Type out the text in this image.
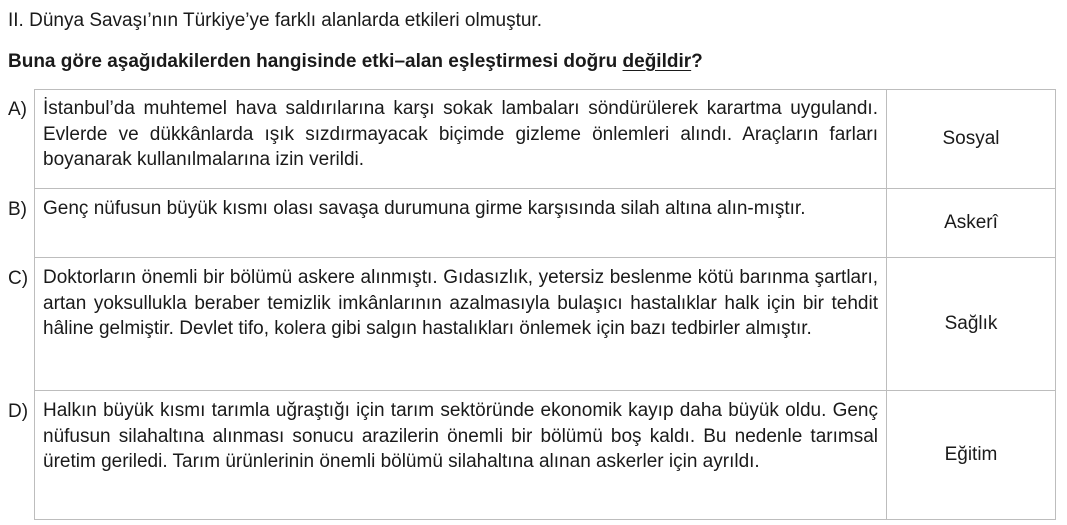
II. Dünya Savaşı’nın Türkiye’ye farklı alanlarda etkileri olmuştur.
Buna göre aşağıdakilerden hangisinde etki–alan eşleştirmesi doğru değildir?
A) İstanbul’da muhtemel hava saldırılarına karşı sokak lambaları söndürülerek karartma uygulandı. Evlerde ve dükkânlarda ışık sızdırmayacak biçimde gizleme önlemleri alındı. Araçların farları boyanarak kullanılmalarına izin verildi.
Sosyal
B) Genç nüfusun büyük kısmı olası savaşa durumuna girme karşısında silah altına alın-mıştır.
Askerî
C) Doktorların önemli bir bölümü askere alınmıştı. Gıdasızlık, yetersiz beslenme kötü barınma şartları, artan yoksullukla beraber temizlik imkânlarının azalmasıyla bulaşıcı hastalıklar halk için bir tehdit hâline gelmiştir. Devlet tifo, kolera gibi salgın hastalıkları önlemek için bazı tedbirler almıştır.	Sağlık
D) Halkın büyük kısmı tarımla uğraştığı için tarım sektöründe ekonomik kayıp daha büyük oldu. Genç nüfusun silahaltına alınması sonucu arazilerin önemli bir bölümü boş kaldı. Bu nedenle tarımsal üretim geriledi. Tarım ürünlerinin önemli bölümü silahaltına alınan askerler için ayrıldı.	Eğitim
